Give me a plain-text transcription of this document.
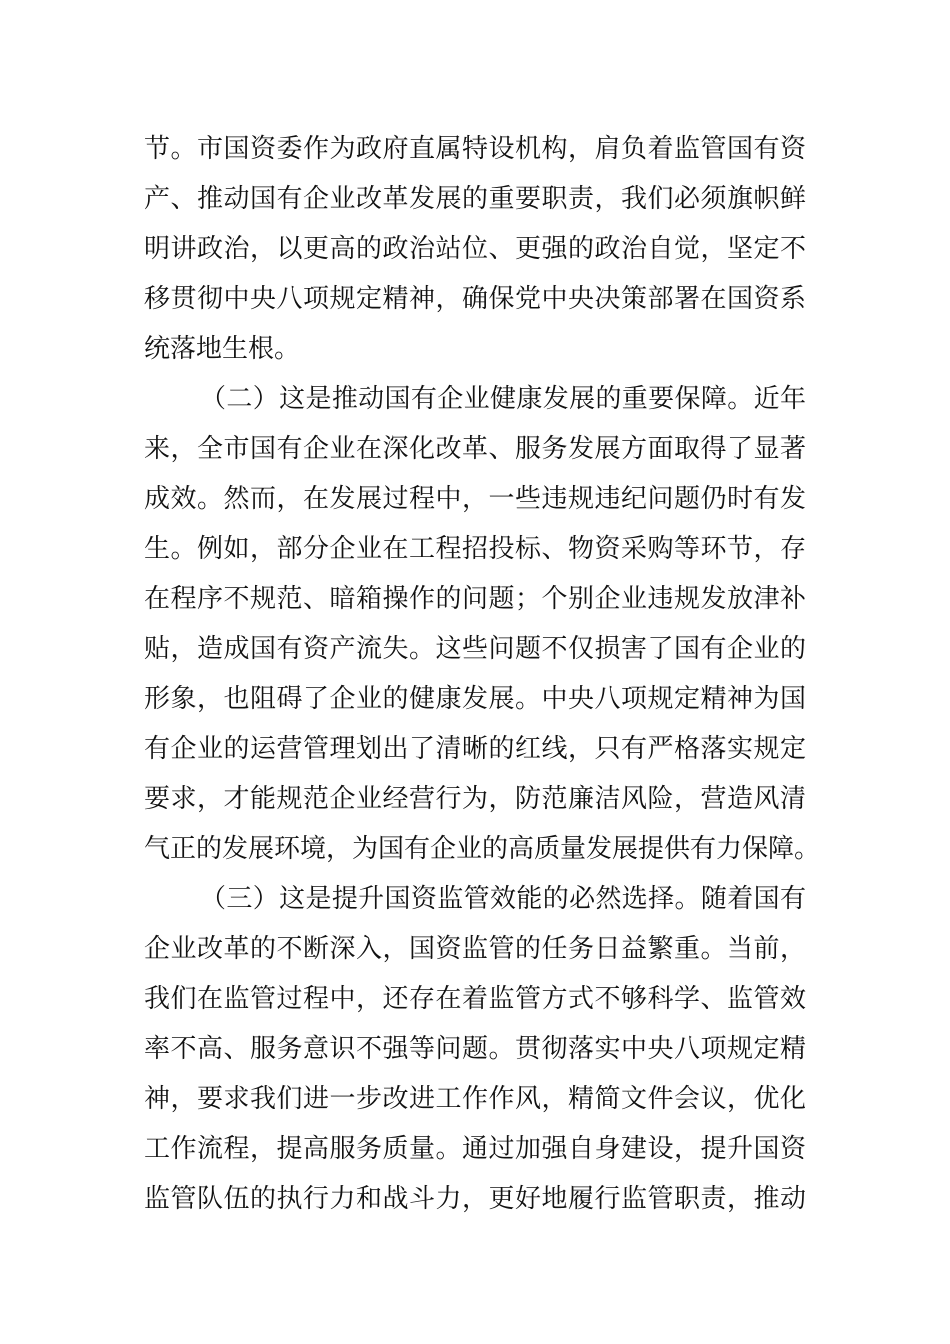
节。市国资委作为政府直属特设机构，肩负着监管国有资
产、推动国有企业改革发展的重要职责，我们必须旗帜鲜
明讲政治，以更高的政治站位、更强的政治自觉，坚定不
移贯彻中央八项规定精神，确保党中央决策部署在国资系
统落地生根。
（二）这是推动国有企业健康发展的重要保障。近年
来，全市国有企业在深化改革、服务发展方面取得了显著
成效。然而，在发展过程中，一些违规违纪问题仍时有发
生。例如，部分企业在工程招投标、物资采购等环节，存
在程序不规范、暗箱操作的问题；个别企业违规发放津补
贴，造成国有资产流失。这些问题不仅损害了国有企业的
形象，也阻碍了企业的健康发展。中央八项规定精神为国
有企业的运营管理划出了清晰的红线，只有严格落实规定
要求，才能规范企业经营行为，防范廉洁风险，营造风清
气正的发展环境，为国有企业的高质量发展提供有力保障。
（三）这是提升国资监管效能的必然选择。随着国有
企业改革的不断深入，国资监管的任务日益繁重。当前，
我们在监管过程中，还存在着监管方式不够科学、监管效
率不高、服务意识不强等问题。贯彻落实中央八项规定精
神，要求我们进一步改进工作作风，精简文件会议，优化
工作流程，提高服务质量。通过加强自身建设，提升国资
监管队伍的执行力和战斗力，更好地履行监管职责，推动
